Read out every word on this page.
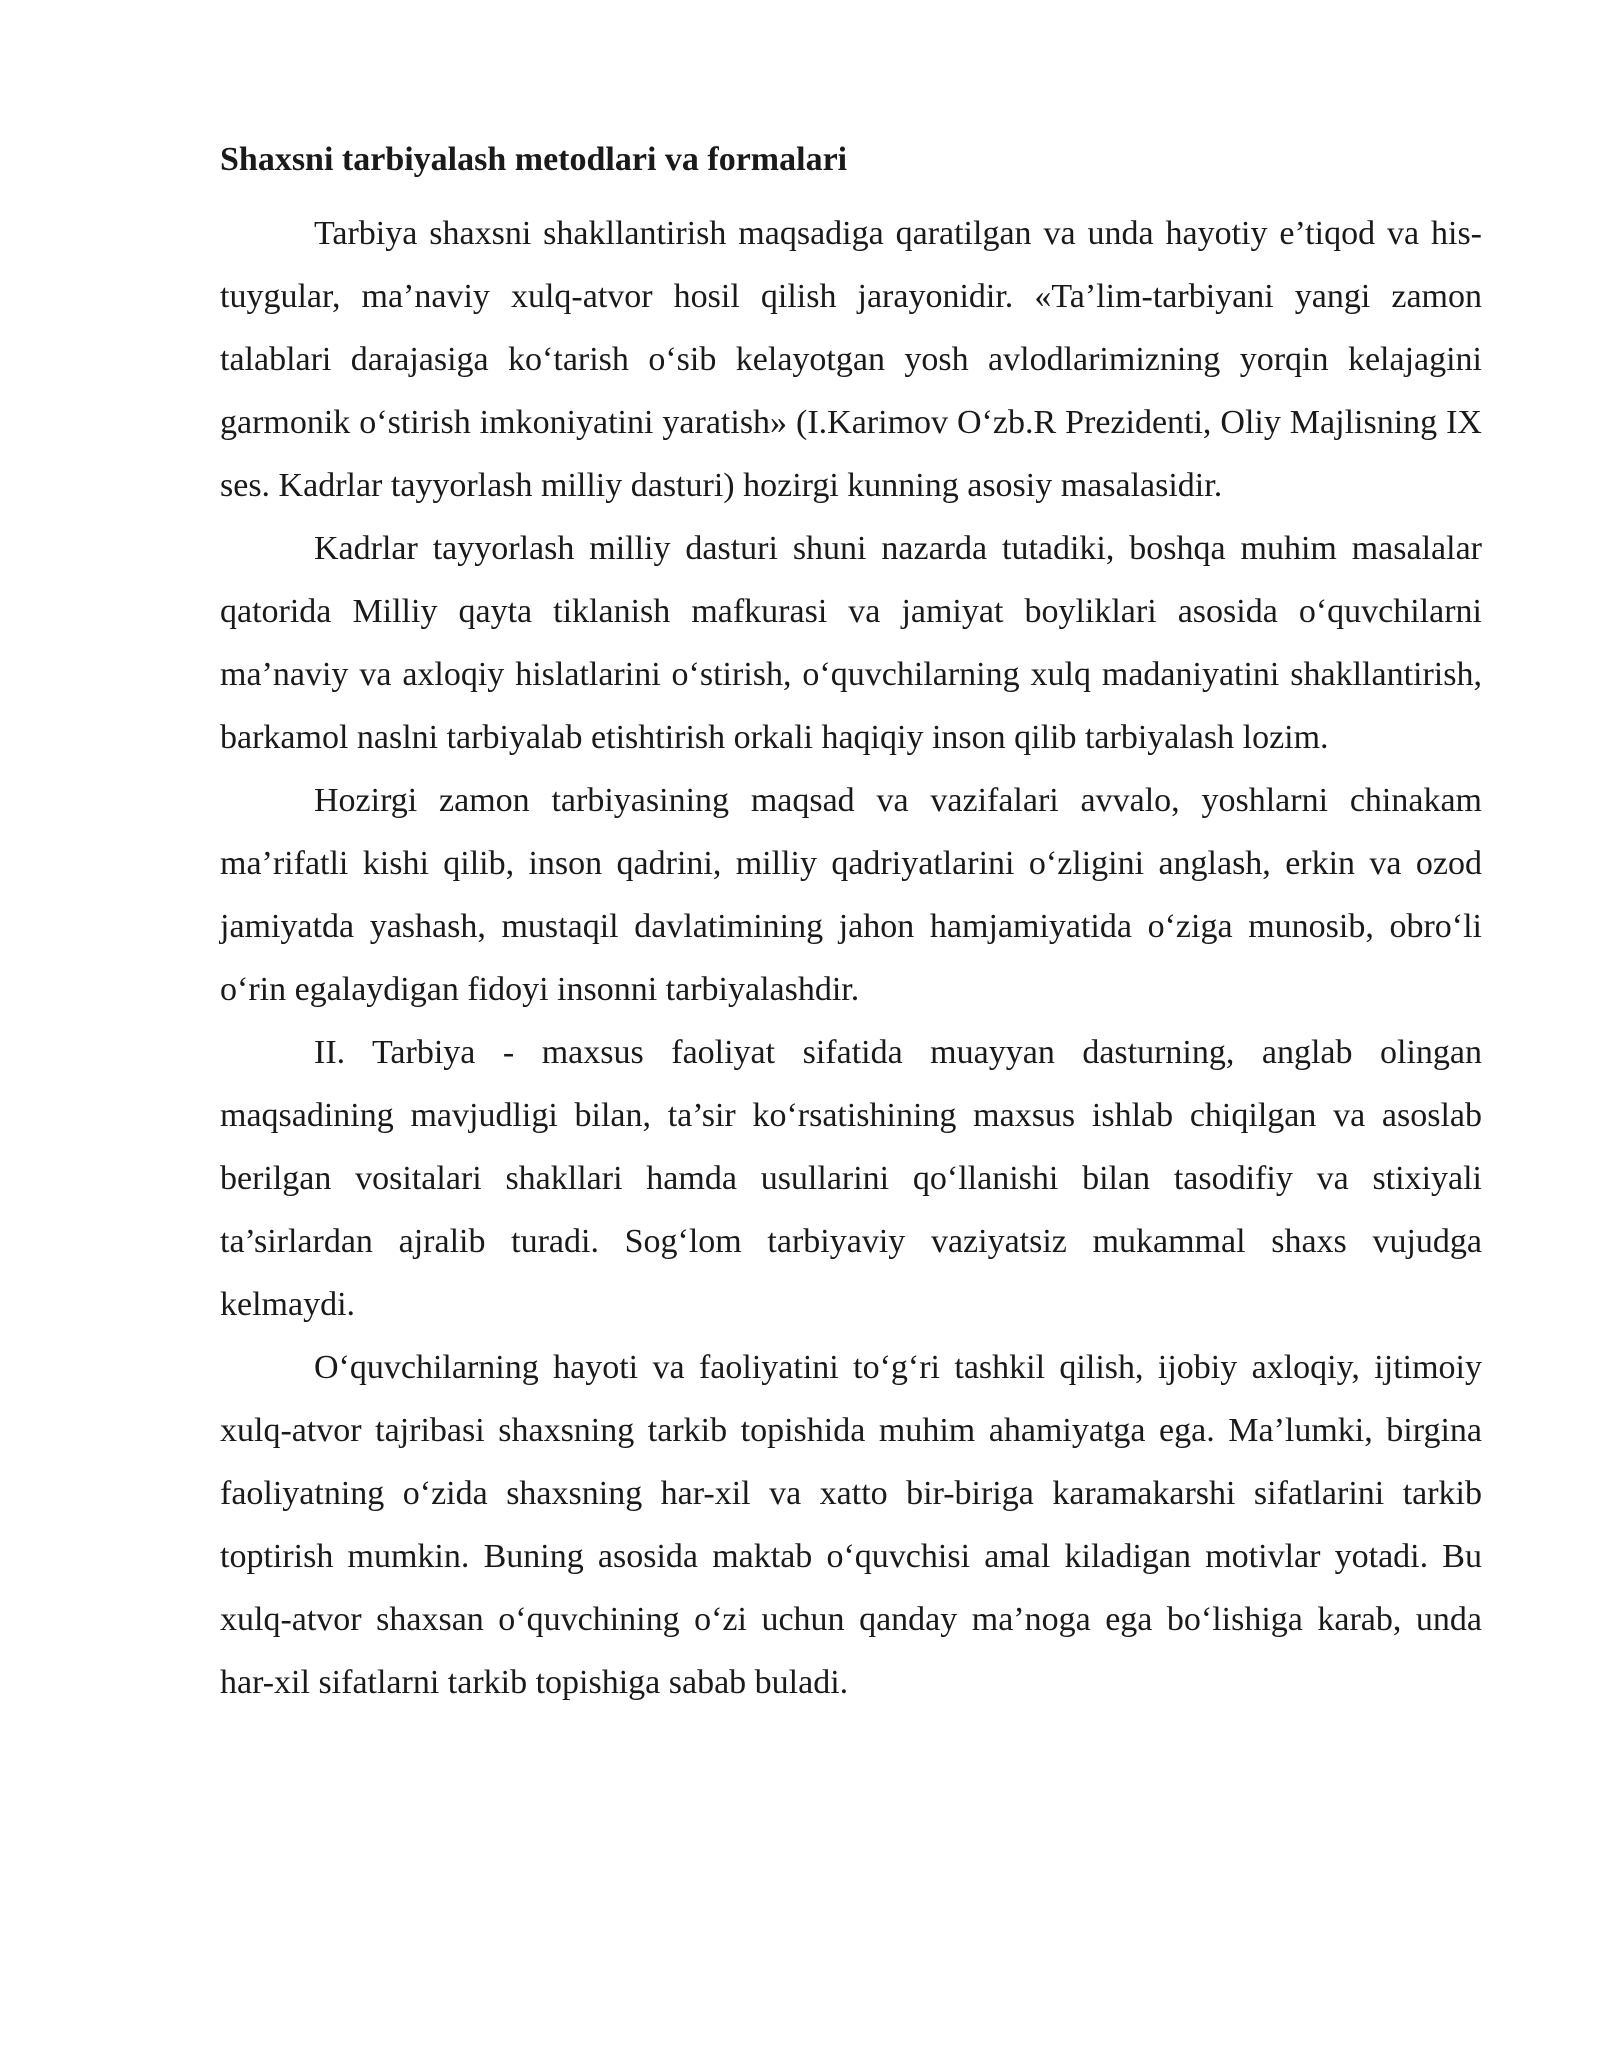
Shaxsni tarbiyalash metodlari va formalari

Tarbiya shaxsni shakllantirish maqsadiga qaratilgan va unda hayotiy e’tiqod va his-tuygular, ma’naviy xulq-atvor hosil qilish jarayonidir. «Ta’lim-tarbiyani yangi zamon talablari darajasiga ko‘tarish o‘sib kelayotgan yosh avlodlarimizning yorqin kelajagini garmonik o‘stirish imkoniyatini yaratish» (I.Karimov O‘zb.R Prezidenti, Oliy Majlisning IX ses. Kadrlar tayyorlash milliy dasturi) hozirgi kunning asosiy masalasidir.

Kadrlar tayyorlash milliy dasturi shuni nazarda tutadiki, boshqa muhim masalalar qatorida Milliy qayta tiklanish mafkurasi va jamiyat boyliklari asosida o‘quvchilarni ma’naviy va axloqiy hislatlarini o‘stirish, o‘quvchilarning xulq madaniyatini shakllantirish, barkamol naslni tarbiyalab etishtirish orkali haqiqiy inson qilib tarbiyalash lozim.

Hozirgi zamon tarbiyasining maqsad va vazifalari avvalo, yoshlarni chinakam ma’rifatli kishi qilib, inson qadrini, milliy qadriyatlarini o‘zligini anglash, erkin va ozod jamiyatda yashash, mustaqil davlatimining jahon hamjamiyatida o‘ziga munosib, obro‘li o‘rin egalaydigan fidoyi insonni tarbiyalashdir.

II. Tarbiya - maxsus faoliyat sifatida muayyan dasturning, anglab olingan maqsadining mavjudligi bilan, ta’sir ko‘rsatishining maxsus ishlab chiqilgan va asoslab berilgan vositalari shakllari hamda usullarini qo‘llanishi bilan tasodifiy va stixiyali ta’sirlardan ajralib turadi. Sog‘lom tarbiyaviy vaziyatsiz mukammal shaxs vujudga kelmaydi.

O‘quvchilarning hayoti va faoliyatini to‘g‘ri tashkil qilish, ijobiy axloqiy, ijtimoiy xulq-atvor tajribasi shaxsning tarkib topishida muhim ahamiyatga ega. Ma’lumki, birgina faoliyatning o‘zida shaxsning har-xil va xatto bir-biriga karamakarshi sifatlarini tarkib toptirish mumkin. Buning asosida maktab o‘quvchisi amal kiladigan motivlar yotadi. Bu xulq-atvor shaxsan o‘quvchining o‘zi uchun qanday ma’noga ega bo‘lishiga karab, unda har-xil sifatlarni tarkib topishiga sabab buladi.
